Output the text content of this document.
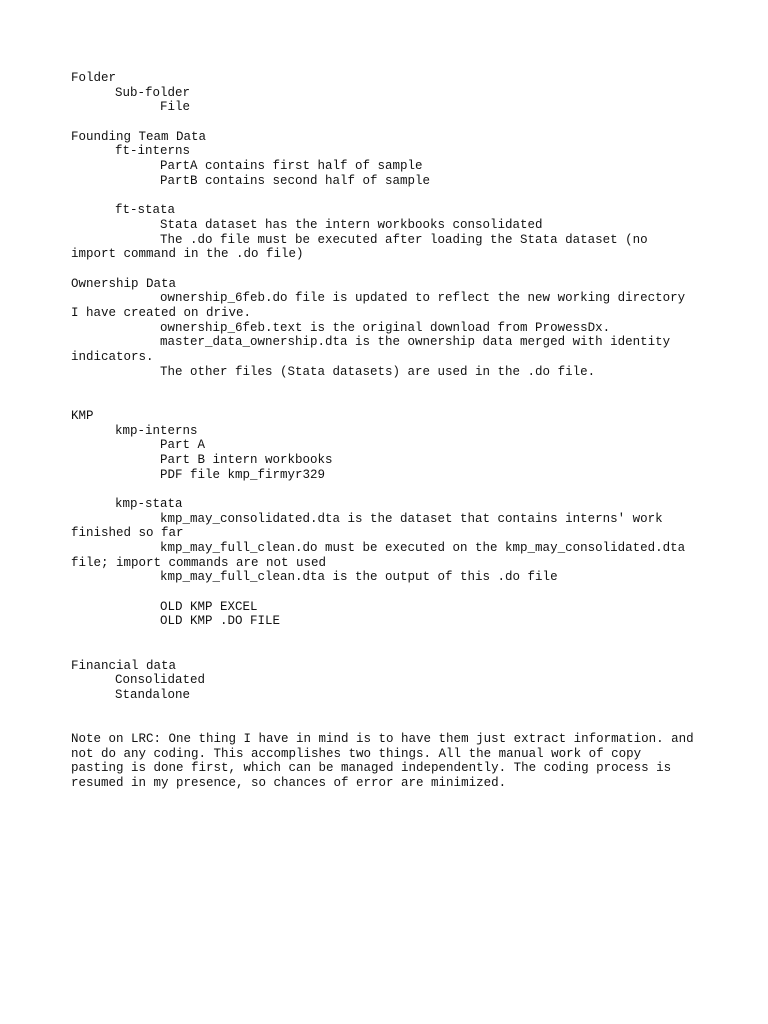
Folder
Sub-folder
File
Founding Team Data
ft-interns
PartA contains first half of sample
PartB contains second half of sample
ft-stata
Stata dataset has the intern workbooks consolidated
The .do file must be executed after loading the Stata dataset (no
import command in the .do file)
Ownership Data
ownership_6feb.do file is updated to reflect the new working directory
I have created on drive.
ownership_6feb.text is the original download from ProwessDx.
master_data_ownership.dta is the ownership data merged with identity
indicators.
The other files (Stata datasets) are used in the .do file.
KMP
kmp-interns
Part A
Part B intern workbooks
PDF file kmp_firmyr329
kmp-stata
kmp_may_consolidated.dta is the dataset that contains interns' work
finished so far
kmp_may_full_clean.do must be executed on the kmp_may_consolidated.dta
file; import commands are not used
kmp_may_full_clean.dta is the output of this .do file
OLD KMP EXCEL
OLD KMP .DO FILE
Financial data
Consolidated
Standalone
Note on LRC: One thing I have in mind is to have them just extract information. and
not do any coding. This accomplishes two things. All the manual work of copy
pasting is done first, which can be managed independently. The coding process is
resumed in my presence, so chances of error are minimized.
